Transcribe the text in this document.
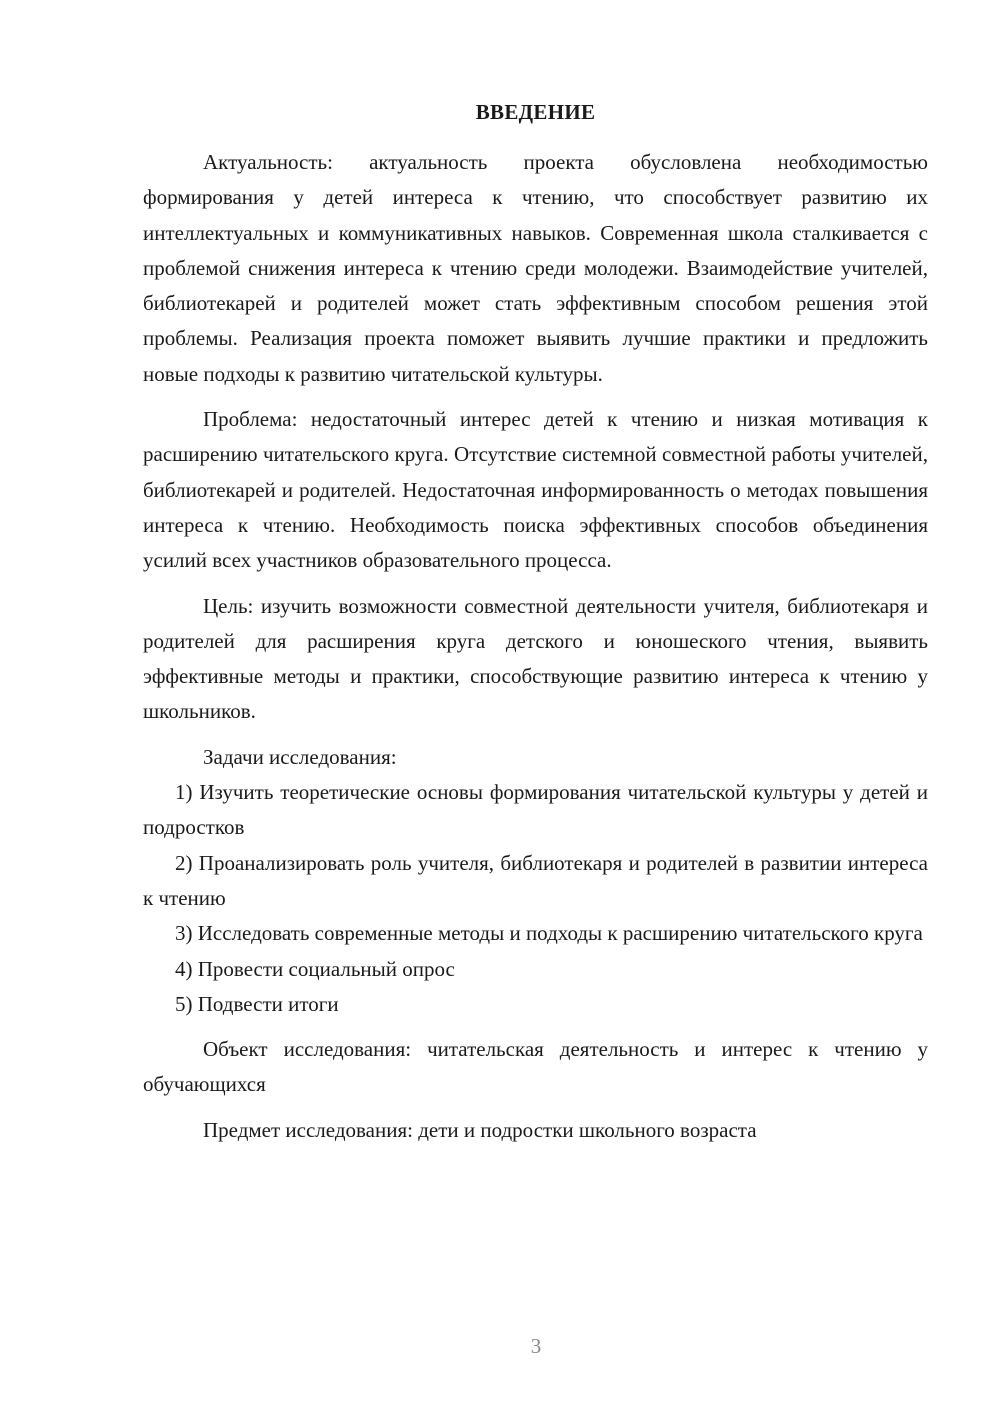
ВВЕДЕНИЕ

Актуальность: актуальность проекта обусловлена необходимостью формирования у детей интереса к чтению, что способствует развитию их интеллектуальных и коммуникативных навыков. Современная школа сталкивается с проблемой снижения интереса к чтению среди молодежи. Взаимодействие учителей, библиотекарей и родителей может стать эффективным способом решения этой проблемы. Реализация проекта поможет выявить лучшие практики и предложить новые подходы к развитию читательской культуры.

Проблема: недостаточный интерес детей к чтению и низкая мотивация к расширению читательского круга. Отсутствие системной совместной работы учителей, библиотекарей и родителей. Недостаточная информированность о методах повышения интереса к чтению. Необходимость поиска эффективных способов объединения усилий всех участников образовательного процесса.

Цель: изучить возможности совместной деятельности учителя, библиотекаря и родителей для расширения круга детского и юношеского чтения, выявить эффективные методы и практики, способствующие развитию интереса к чтению у школьников.

Задачи исследования:

1) Изучить теоретические основы формирования читательской культуры у детей и подростков

2) Проанализировать роль учителя, библиотекаря и родителей в развитии интереса к чтению

3) Исследовать современные методы и подходы к расширению читательского круга

4) Провести социальный опрос

5) Подвести итоги

Объект исследования: читательская деятельность и интерес к чтению у обучающихся

Предмет исследования: дети и подростки школьного возраста

3
